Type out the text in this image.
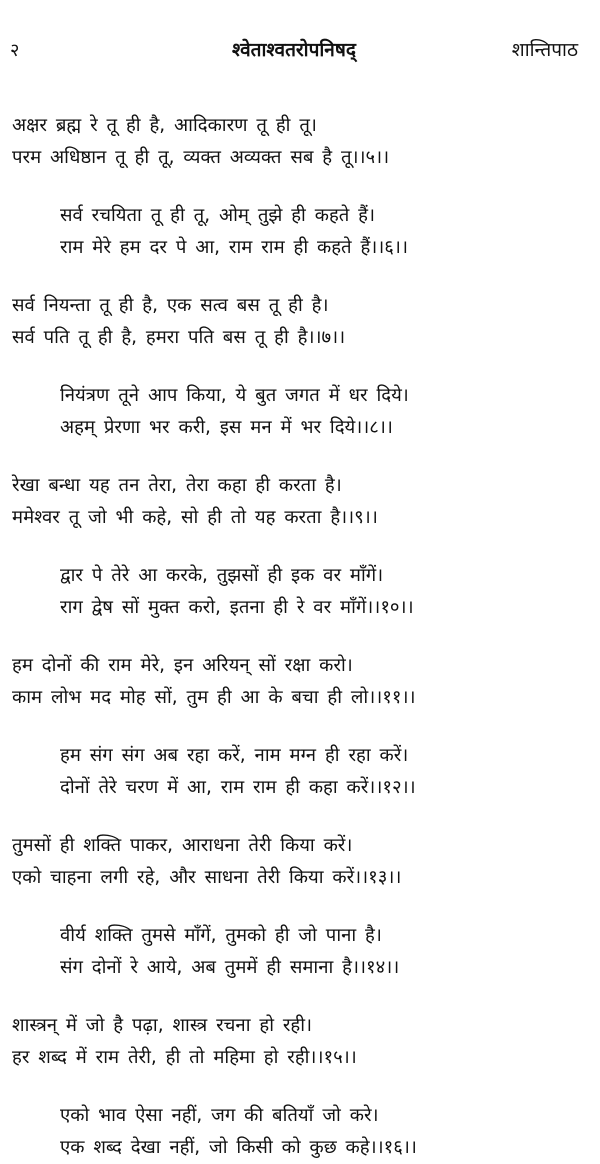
२	श्वेताश्वतरोपनिषद्	शान्तिपाठ
अक्षर ब्रह्म रे तू ही है, आदिकारण तू ही तू।
परम अधिष्ठान तू ही तू, व्यक्त अव्यक्त सब है तू।।५।।
सर्व रचयिता तू ही तू, ओम् तुझे ही कहते हैं।
राम मेरे हम दर पे आ, राम राम ही कहते हैं।।६।।
सर्व नियन्ता तू ही है, एक सत्व बस तू ही है।
सर्व पति तू ही है, हमरा पति बस तू ही है।।७।।
नियंत्रण तूने आप किया, ये बुत जगत में धर दिये।
अहम् प्रेरणा भर करी, इस मन में भर दिये।।८।।
रेखा बन्धा यह तन तेरा, तेरा कहा ही करता है।
ममेश्वर तू जो भी कहे, सो ही तो यह करता है।।९।।
द्वार पे तेरे आ करके, तुझसों ही इक वर माँगें।
राग द्वेष सों मुक्त करो, इतना ही रे वर माँगें।।१०।।
हम दोनों की राम मेरे, इन अरियन् सों रक्षा करो।
काम लोभ मद मोह सों, तुम ही आ के बचा ही लो।।११।।
हम संग संग अब रहा करें, नाम मग्न ही रहा करें।
दोनों तेरे चरण में आ, राम राम ही कहा करें।।१२।।
तुमसों ही शक्ति पाकर, आराधना तेरी किया करें।
एको चाहना लगी रहे, और साधना तेरी किया करें।।१३।।
वीर्य शक्ति तुमसे माँगें, तुमको ही जो पाना है।
संग दोनों रे आये, अब तुममें ही समाना है।।१४।।
शास्त्रन् में जो है पढ़ा, शास्त्र रचना हो रही।
हर शब्द में राम तेरी, ही तो महिमा हो रही।।१५।।
एको भाव ऐसा नहीं, जग की बतियाँ जो करे।
एक शब्द देखा नहीं, जो किसी को कुछ कहे।।१६।।
